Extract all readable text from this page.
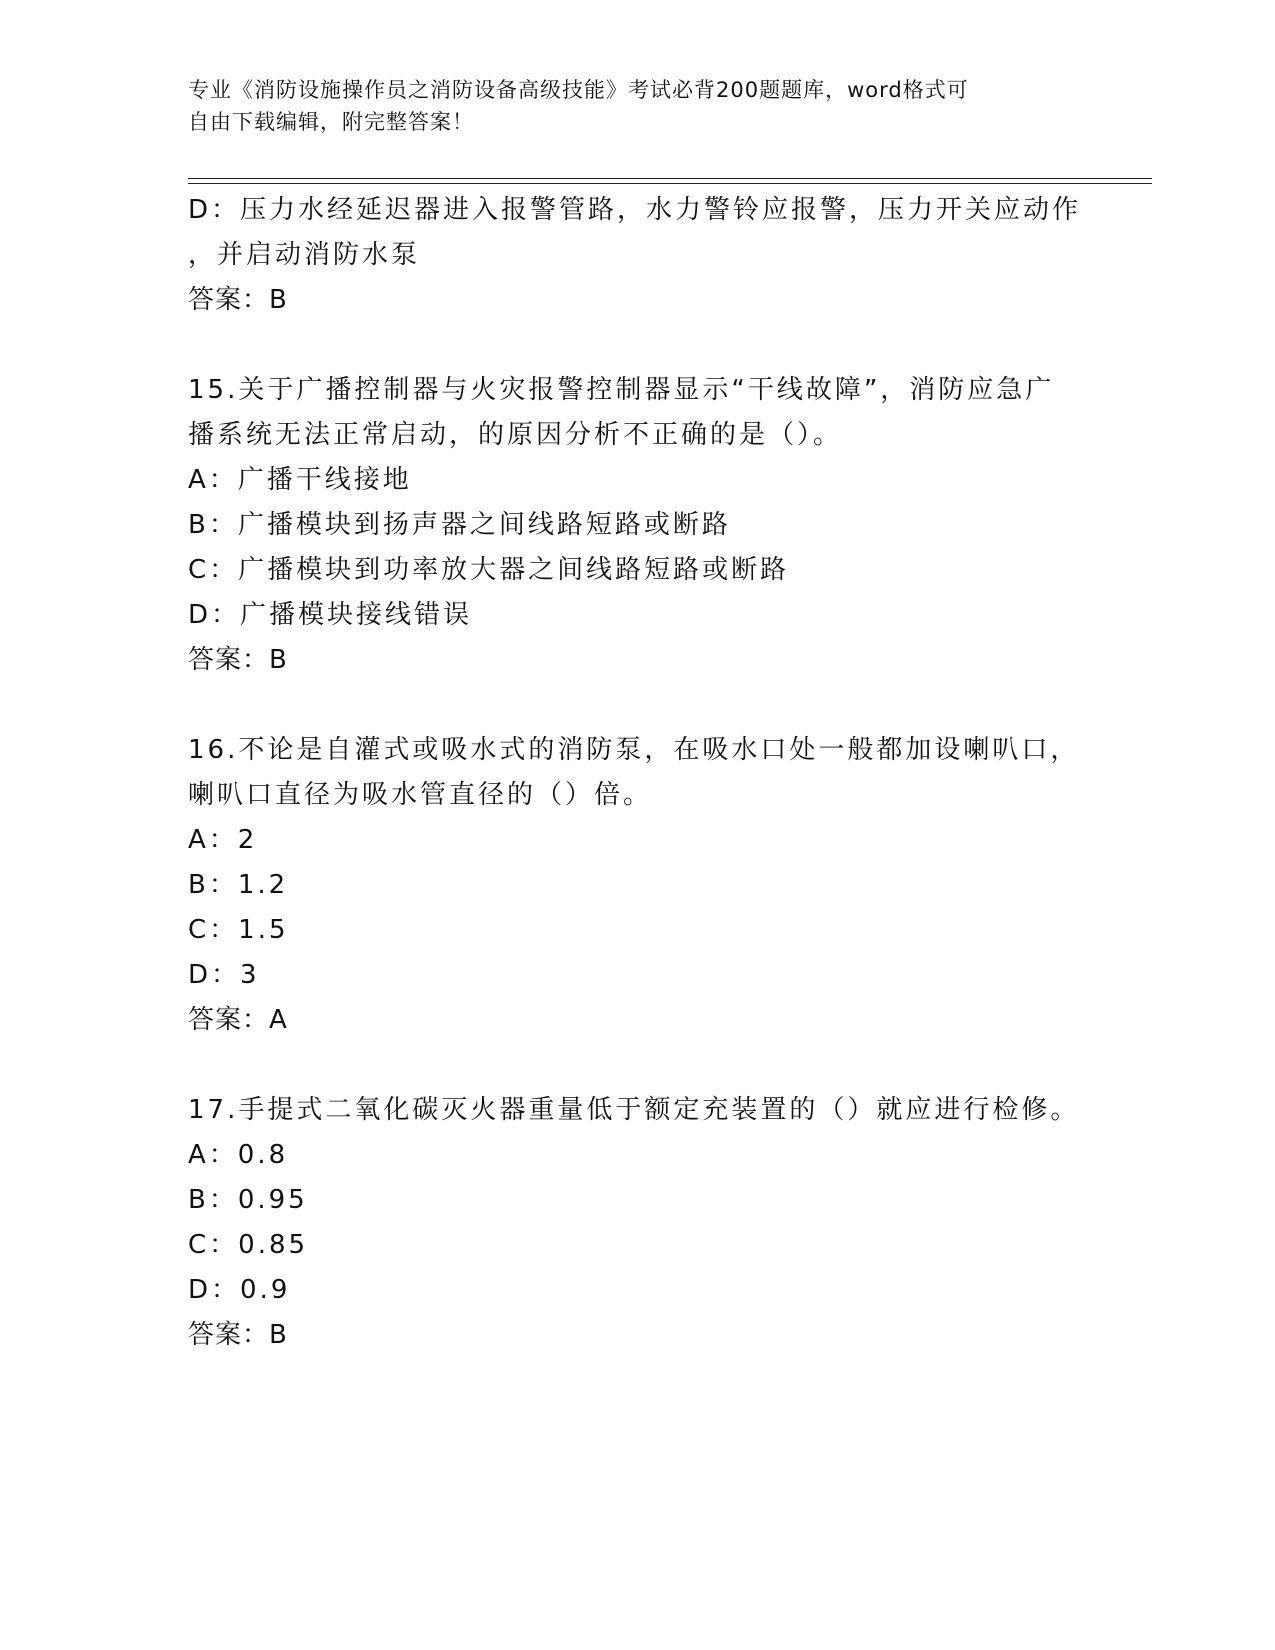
专业《消防设施操作员之消防设备高级技能》考试必背200题题库，word格式可
自由下载编辑，附完整答案！
D：压力水经延迟器进入报警管路，水力警铃应报警，压力开关应动作
，并启动消防水泵
答案：B
15.关于广播控制器与火灾报警控制器显示“干线故障”，消防应急广
播系统无法正常启动，的原因分析不正确的是（）。
A：广播干线接地
B：广播模块到扬声器之间线路短路或断路
C：广播模块到功率放大器之间线路短路或断路
D：广播模块接线错误
答案：B
16.不论是自灌式或吸水式的消防泵，在吸水口处一般都加设喇叭口，
喇叭口直径为吸水管直径的（）倍。
A：2
B：1.2
C：1.5
D：3
答案：A
17.手提式二氧化碳灭火器重量低于额定充装置的（）就应进行检修。
A：0.8
B：0.95
C：0.85
D：0.9
答案：B
